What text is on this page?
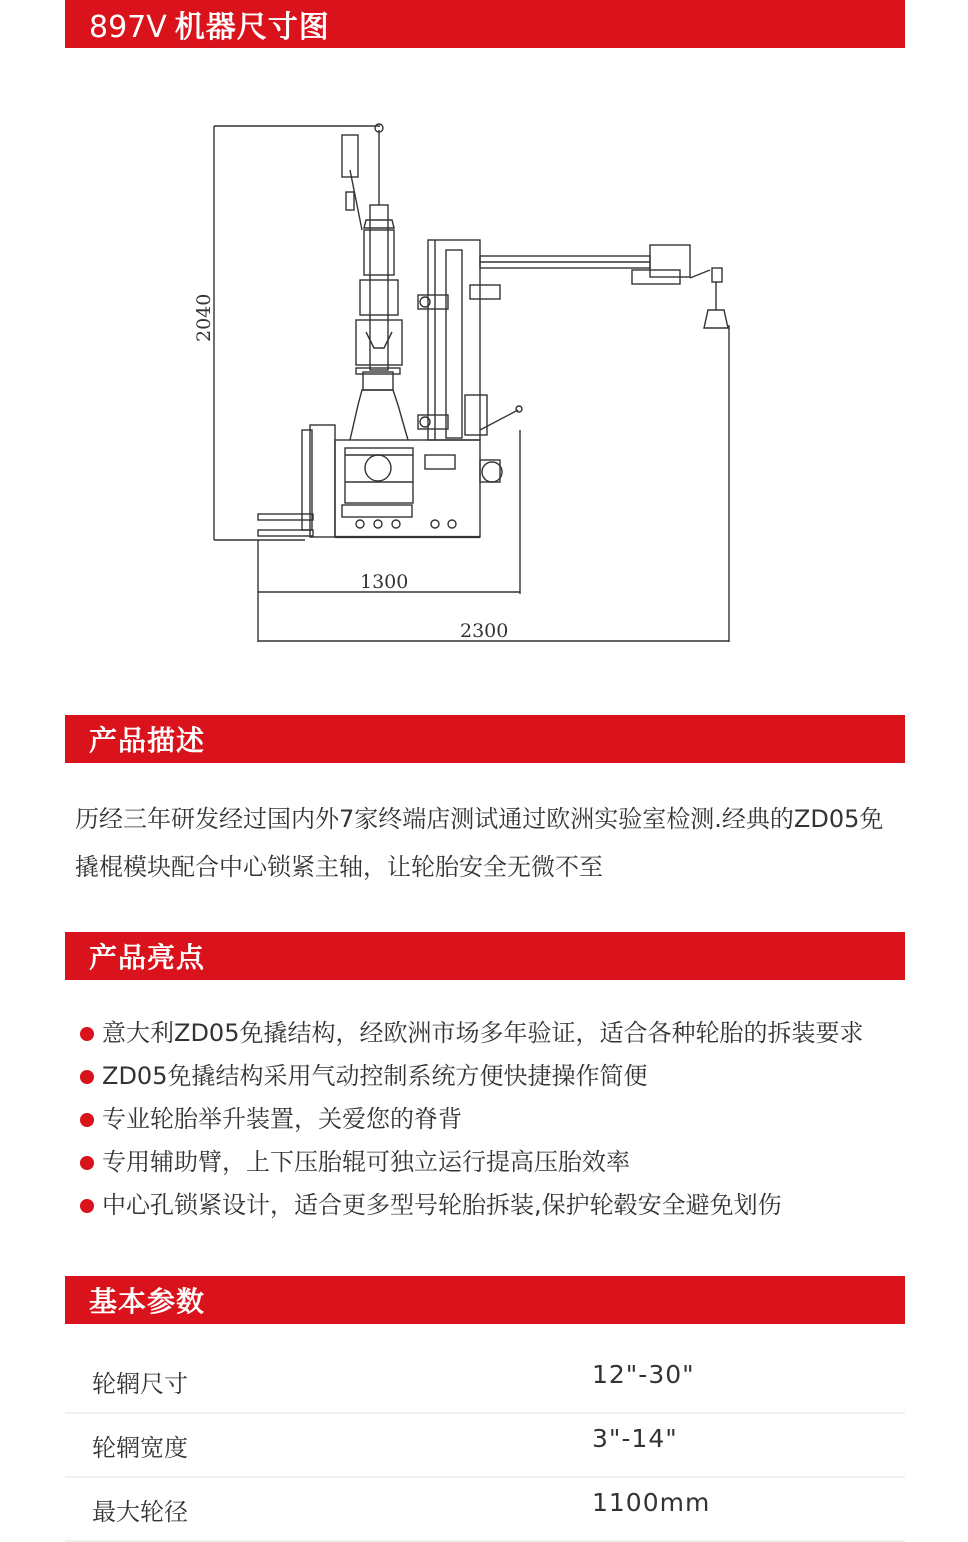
897V 机器尺寸图
2040
1300
2300
产品描述
历经三年研发经过国内外7家终端店测试通过欧洲实验室检测.经典的ZD05免撬棍模块配合中心锁紧主轴，让轮胎安全无微不至
产品亮点
意大利ZD05免撬结构，经欧洲市场多年验证，适合各种轮胎的拆装要求
ZD05免撬结构采用气动控制系统方便快捷操作简便
专业轮胎举升装置，关爱您的脊背
专用辅助臂，上下压胎辊可独立运行提高压胎效率
中心孔锁紧设计，适合更多型号轮胎拆装,保护轮毂安全避免划伤
基本参数
轮辋尺寸	12"-30"
轮辋宽度	3"-14"
最大轮径	1100mm
